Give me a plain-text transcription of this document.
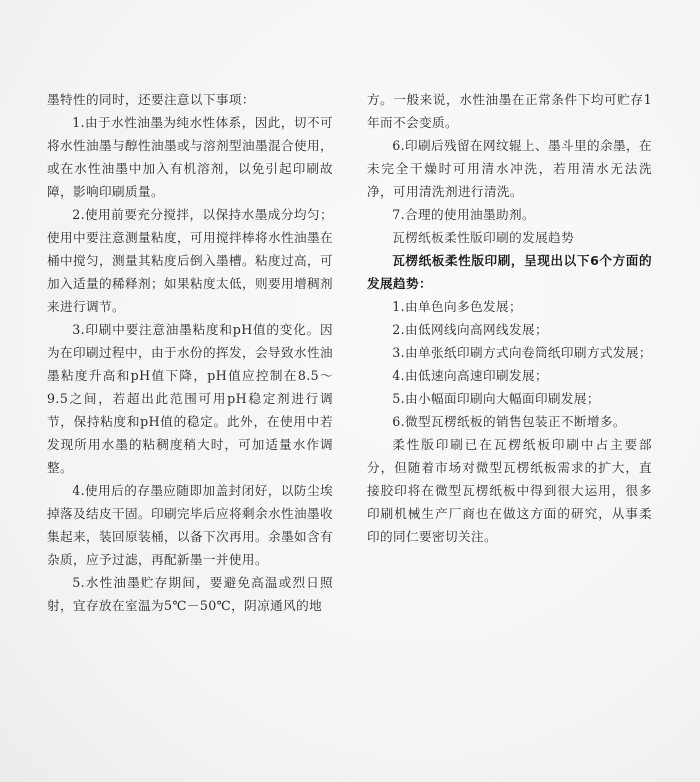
墨特性的同时，还要注意以下事项：

1.由于水性油墨为纯水性体系，因此，切不可将水性油墨与醇性油墨或与溶剂型油墨混合使用，或在水性油墨中加入有机溶剂，以免引起印刷故障，影响印刷质量。

2.使用前要充分搅拌，以保持水墨成分均匀；使用中要注意测量粘度，可用搅拌棒将水性油墨在桶中搅匀，测量其粘度后倒入墨槽。粘度过高，可加入适量的稀释剂；如果粘度太低，则要用增稠剂来进行调节。

3.印刷中要注意油墨粘度和pH值的变化。因为在印刷过程中，由于水份的挥发，会导致水性油墨粘度升高和pH值下降，pH值应控制在8.5～9.5之间，若超出此范围可用pH稳定剂进行调节，保持粘度和pH值的稳定。此外，在使用中若发现所用水墨的粘稠度稍大时，可加适量水作调整。

4.使用后的存墨应随即加盖封闭好，以防尘埃掉落及结皮干固。印刷完毕后应将剩余水性油墨收集起来，装回原装桶，以备下次再用。余墨如含有杂质，应予过滤，再配新墨一并使用。

5.水性油墨贮存期间，要避免高温或烈日照射，宜存放在室温为5℃－50℃，阴凉通风的地

方。一般来说，水性油墨在正常条件下均可贮存1年而不会变质。

6.印刷后残留在网纹辊上、墨斗里的余墨，在未完全干燥时可用清水冲洗，若用清水无法洗净，可用清洗剂进行清洗。

7.合理的使用油墨助剂。

瓦楞纸板柔性版印刷的发展趋势

瓦楞纸板柔性版印刷，呈现出以下6个方面的发展趋势：

1.由单色向多色发展；

2.由低网线向高网线发展；

3.由单张纸印刷方式向卷筒纸印刷方式发展；

4.由低速向高速印刷发展；

5.由小幅面印刷向大幅面印刷发展；

6.微型瓦楞纸板的销售包装正不断增多。

柔性版印刷已在瓦楞纸板印刷中占主要部分，但随着市场对微型瓦楞纸板需求的扩大，直接胶印将在微型瓦楞纸板中得到很大运用，很多印刷机械生产厂商也在做这方面的研究，从事柔印的同仁要密切关注。
